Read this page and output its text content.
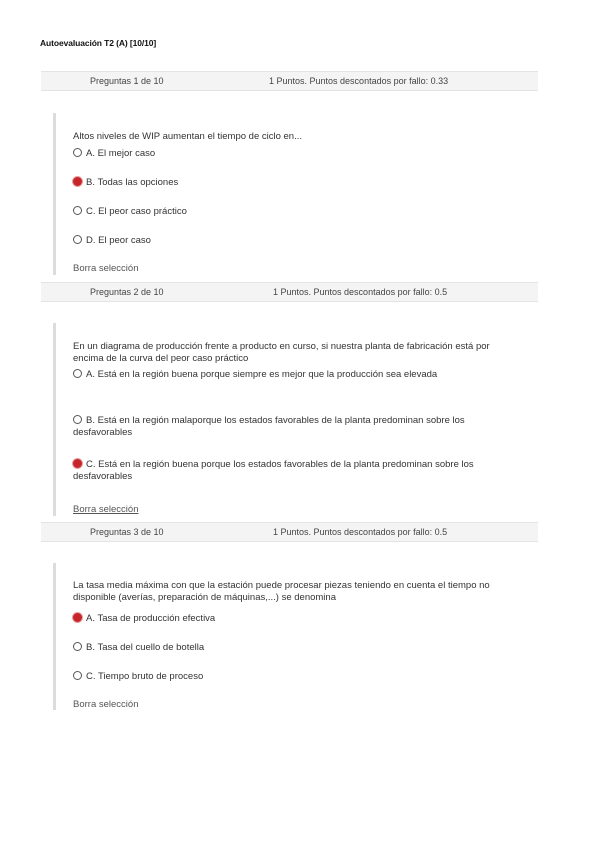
Autoevaluación T2 (A) [10/10]
Preguntas 1 de 10	1 Puntos. Puntos descontados por fallo: 0.33
Altos niveles de WIP aumentan el tiempo de ciclo en...
A. El mejor caso
B. Todas las opciones
C. El peor caso práctico
D. El peor caso
Borra selección
Preguntas 2 de 10	1 Puntos. Puntos descontados por fallo: 0.5
En un diagrama de producción frente a producto en curso, si nuestra planta de fabricación está por encima de la curva del peor caso práctico
A. Está en la región buena porque siempre es mejor que la producción sea elevada
B. Está en la región malaporque los estados favorables de la planta predominan sobre los desfavorables
C. Está en la región buena porque los estados favorables de la planta predominan sobre los desfavorables
Borra selección
Preguntas 3 de 10	1 Puntos. Puntos descontados por fallo: 0.5
La tasa media máxima con que la estación puede procesar piezas teniendo en cuenta el tiempo no disponible (averías, preparación de máquinas,...) se denomina
A. Tasa de producción efectiva
B. Tasa del cuello de botella
C. Tiempo bruto de proceso
Borra selección
